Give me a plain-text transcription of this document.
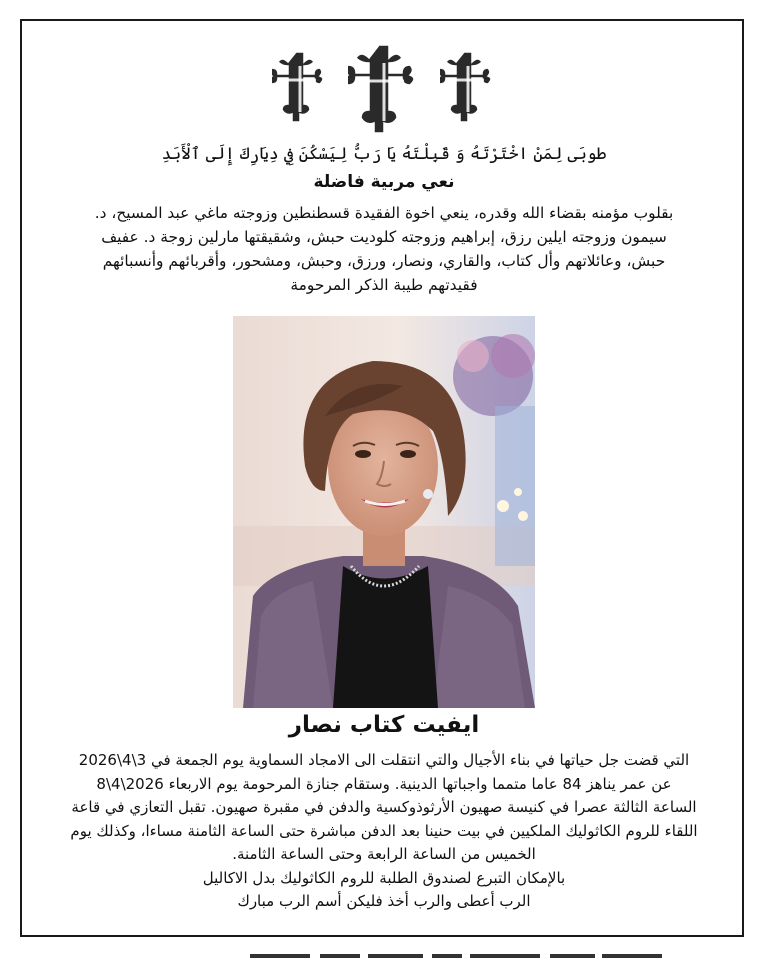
طوبَى لِمَنْ اخْتَرْتَهُ وَ قَبِلْتَهُ يَا رَبُّ لِيَسْكُنَ فِي دِيَارِكَ إِلَى ٱلْأَبَدِ
نعي مربية فاضلة
بقلوب مؤمنه بقضاء الله وقدره، ينعي اخوة الفقيدة قسطنطين وزوجته ماغي عبد المسيح، د.
سيمون وزوجته ايلين رزق، إبراهيم وزوجته كلوديت حبش، وشقيقتها مارلين زوجة د. عفيف
حبش، وعائلاتهم وأل كتاب، والقاري، ونصار، ورزق، وحبش، ومشحور، وأقربائهم وأنسبائهم
فقيدتهم طيبة الذكر المرحومة
ايفيت كتاب نصار
التي قضت جل حياتها في بناء الأجيال والتي انتقلت الى الامجاد السماوية يوم الجمعة في 3\4\2026
عن عمر يناهز 84 عاما متمما واجباتها الدينية. وستقام جنازة المرحومة يوم الاربعاء 2026\4\8
الساعة الثالثة عصرا في كنيسة صهيون الأرثوذوكسية والدفن في مقبرة صهيون. تقبل التعازي في قاعة
اللقاء للروم الكاثوليك الملكيين في بيت حنينا بعد الدفن مباشرة حتى الساعة الثامنة مساءا، وكذلك يوم
الخميس من الساعة الرابعة وحتى الساعة الثامنة.
بالإمكان التبرع لصندوق الطلبة للروم الكاثوليك بدل الاكاليل
الرب أعطى والرب أخذ فليكن أسم الرب مبارك
